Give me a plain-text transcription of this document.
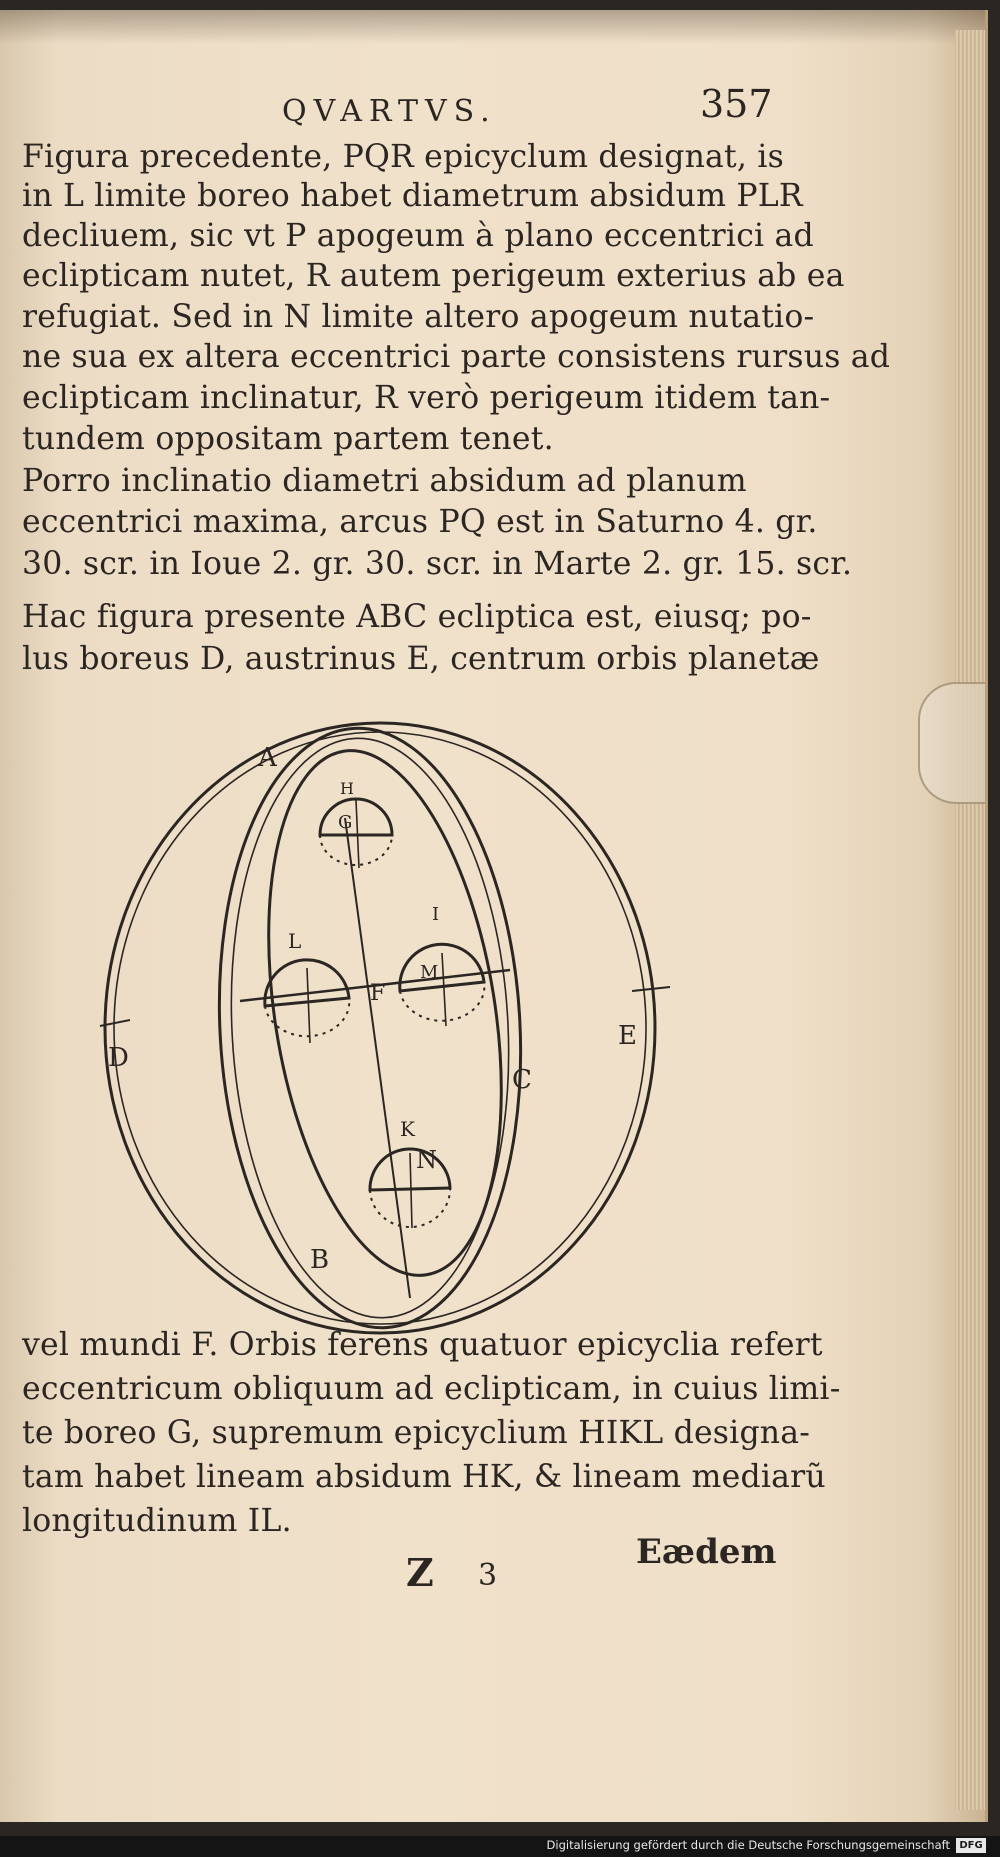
QVARTVS.	357
Figura precedente, PQR epicyclum designat, is
in L limite boreo habet diametrum absidum PLR
decliuem, sic vt P apogeum à plano eccentrici ad
eclipticam nutet, R autem perigeum exterius ab ea
refugiat. Sed in N limite altero apogeum nutatio-
ne sua ex altera eccentrici parte consistens rursus ad
eclipticam inclinatur, R verò perigeum itidem tan-
tundem oppositam partem tenet.
Porro inclinatio diametri absidum ad planum
eccentrici maxima, arcus PQ est in Saturno 4. gr.
30. scr. in Ioue 2. gr. 30. scr. in Marte 2. gr. 15. scr.
Hac figura presente ABC ecliptica est, eiusq; po-
lus boreus D, austrinus E, centrum orbis planetæ
A
B
C
D
E
F
G
H
I
K
L
M
N
vel mundi F. Orbis ferens quatuor epicyclia refert
eccentricum obliquum ad eclipticam, in cuius limi-
te boreo G, supremum epicyclium HIKL designa-
tam habet lineam absidum HK, & lineam mediarũ
longitudinum IL.
Z 3
Eædem
Digitalisierung gefördert durch die Deutsche Forschungsgemeinschaft DFG
